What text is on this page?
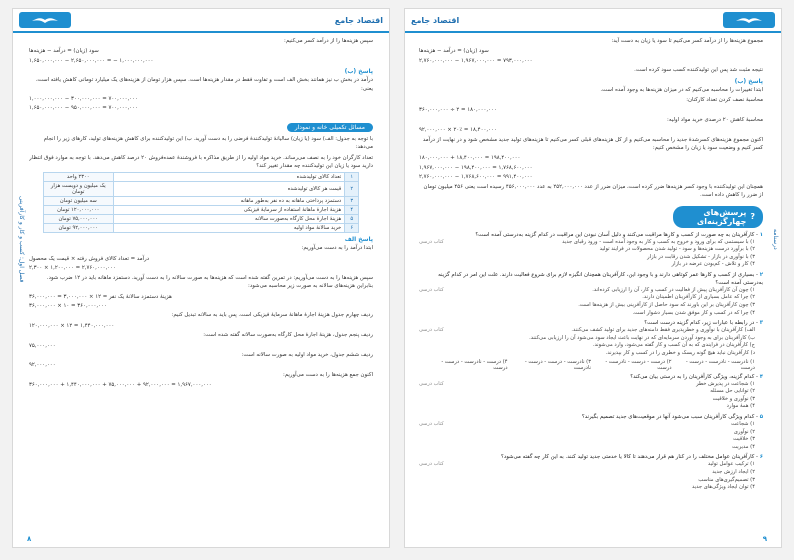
اقتصاد جامع
فصل اول: کسب و کار و کارآفرینی
سپس هزینه‌ها را از درآمد کسر می‌کنیم:
سود (زیان) = درآمد − هزینه‌ها
۱,۶۵۰,۰۰۰,۰۰۰ − ۲,۶۵۰,۰۰۰,۰۰۰ = − ۱,۰۰۰,۰۰۰,۰۰۰
پاسخ (ب)
درآمد در بخش ب نیز همانند بخش الف است و تفاوت فقط در مقدار هزینه‌ها است. سپس هزار تومان از هزینه‌های یک میلیارد تومانی کاهش یافته است، یعنی:
۱,۰۰۰,۰۰۰,۰۰۰ − ۳۰۰,۰۰۰,۰۰۰ = ۷۰۰,۰۰۰,۰۰۰
۱,۶۵۰,۰۰۰,۰۰۰ − ۹۵۰,۰۰۰,۰۰۰ = ۷۰۰,۰۰۰,۰۰۰
مسائل تکمیلی خانه و نمودار
با توجه به جدول: الف) سود (یا زیان) سالیانهٔ تولیدکنندهٔ فرضی را به دست آورید. ب) این تولیدکننده برای کاهش هزینه‌های تولید، کارهای زیر را انجام می‌دهد:
تعداد کارگران خود را به نصف می‌رساند. خرید مواد اولیه را از طریق مذاکره با فروشندهٔ عمده‌فروش ۲۰ درصد کاهش می‌دهد. با توجه به موارد فوق انتظار دارید سود یا زیان این تولیدکننده چه مقدار تغییر کند؟
۱	تعداد کالای تولیدشده	۲۳۰۰ واحد
۲	قیمت هر کالای تولیدشده	یک میلیون و دویست هزار تومان
۳	دستمزد پرداختی ماهانه به ده نفر به‌طور ماهانه	سه میلیون تومان
۴	هزینهٔ اجارهٔ ماهانهٔ استفاده از سرمایهٔ فیزیکی	۱۲۰,۰۰۰,۰۰۰ تومان
۵	هزینهٔ اجارهٔ محل کارگاه به‌صورت سالانه	۷۵,۰۰۰,۰۰۰ تومان
۶	خرید سالانهٔ مواد اولیه	۹۲,۰۰۰,۰۰۰ تومان
پاسخ الف
ابتدا درآمد را به دست می‌آوریم:
درآمد = تعداد کالای فروش رفته × قیمت یک محصول
۲,۳۰۰ × ۱,۲۰۰,۰۰۰ = ۲,۷۶۰,۰۰۰,۰۰۰
سپس هزینه‌ها را به دست می‌آوریم: در تمرین گفته شده است که هزینه‌ها به صورت سالانه را به دست آورید. دستمزد ماهانه باید در ۱۲ ضرب شود. بنابراین هزینه‌های سالانه به صورت زیر محاسبه می‌شود:
هزینهٔ دستمزد سالانهٔ یک نفر = ۱۲ × ۳,۰۰۰,۰۰۰ = ۳۶,۰۰۰,۰۰۰
۳۶,۰۰۰,۰۰۰ × ۱۰ = ۳۶۰,۰۰۰,۰۰۰
ردیف چهارم جدول هزینهٔ اجارهٔ ماهانهٔ سرمایهٔ فیزیکی است. پس باید به سالانه تبدیل کنیم:
۱۲۰,۰۰۰,۰۰۰ × ۱۲ = ۱,۴۴۰,۰۰۰,۰۰۰
ردیف پنجم جدول، هزینهٔ اجارهٔ محل کارگاه به‌صورت سالانه گفته شده است:
۷۵,۰۰۰,۰۰۰
ردیف ششم جدول، خرید مواد اولیه به صورت سالانه است:
۹۲,۰۰۰,۰۰۰
اکنون جمع هزینه‌ها را به دست می‌آوریم:
۳۶۰,۰۰۰,۰۰۰ + ۱,۴۴۰,۰۰۰,۰۰۰ + ۷۵,۰۰۰,۰۰۰ + ۹۲,۰۰۰,۰۰۰ = ۱,۹۶۷,۰۰۰,۰۰۰
۸
اقتصاد جامع
درسنامه
مجموع هزینه‌ها را از درآمد کسر می‌کنیم تا سود یا زیان به دست آید:
سود (زیان) = درآمد − هزینه‌ها
۲,۷۶۰,۰۰۰,۰۰۰ − ۱,۹۶۷,۰۰۰,۰۰۰ = ۷۹۳,۰۰۰,۰۰۰
نتیجه مثبت شد پس این تولیدکننده کسب سود کرده است.
پاسخ (ب)
ابتدا تغییرات را محاسبه می‌کنیم که در میزان هزینه‌ها به وجود آمده است.
محاسبهٔ نصف کردن تعداد کارکنان:
۳۶۰,۰۰۰,۰۰۰ ÷ ۲ = ۱۸۰,۰۰۰,۰۰۰
محاسبهٔ کاهش ۲۰ درصدی خرید مواد اولیه:
۹۲,۰۰۰,۰۰۰ × ۲۰٪ = ۱۸,۴۰۰,۰۰۰
اکنون مجموع هزینه‌های کسرشدهٔ جدید را محاسبه می‌کنیم و از کل هزینه‌های قبلی کسر می‌کنیم تا هزینه‌های تولید جدید مشخص شود و در نهایت از درآمد کسر کنیم و وضعیت سود یا زیان را مشخص کنیم:
۱۸۰,۰۰۰,۰۰۰ + ۱۸,۴۰۰,۰۰۰ = ۱۹۸,۴۰۰,۰۰۰
۱,۹۶۷,۰۰۰,۰۰۰ − ۱۹۸,۴۰۰,۰۰۰ = ۱,۷۶۸,۶۰۰,۰۰۰
۲,۷۶۰,۰۰۰,۰۰۰ − ۱,۷۶۸,۶۰۰,۰۰۰ = ۹۹۱,۴۰۰,۰۰۰
همچنان این تولیدکننده با وجود کسر هزینه‌ها ضرر کرده است، میزان ضرر از عدد ۲۵۲,۰۰۰,۰۰۰ به عدد ۴۵۶,۰۰۰,۰۰۰ رسیده است یعنی ۴۵۶ میلیون تومان از ضرر را کاهش داده است.
?
پرسش‌های چهارگزینه‌ای
۱ - کارآفرینان به چه صورت از کسب و کارها مراقبت می‌کنند و دلیل آسان نبودن این مراقبت در کدام گزینه به‌درستی آمده است؟
کتاب درسی	۱) با سیستمی که برای ورود و خروج به کسب و کار به وجود آمده است - ورود رقبای جدید
۲) با برآورد درست هزینه‌ها و سود - تولید شدن محصولات در فرایند تولید
۳) با نوآوری در بازار - تشکیل شدن رقابت در بازار
۴) کار و تلاش - کم‌بودن عرضه در بازار
۲ - بسیاری از کسب و کارها عمر کوتاهی دارند و با وجود این، کارآفرینان همچنان انگیزه لازم برای شروع فعالیت دارند. علت این امر در کدام گزینه به‌درستی آمده است؟
کتاب درسی	۱) چون آن کارآفرینان پیش از فعالیت در کسب و کار، آن را ارزیابی کرده‌اند.
۲) چرا که عامل بسیاری از کارآفرینان اطمینان دارند.
۳) چون کارآفرینان بر این باورند که سود حاصل از کارآفرینی بیش از هزینه‌ها است.
۴) چرا که در کسب و کار موفق شدن بسیار دشوار است.
۳ - در رابطه با عبارات زیر، کدام گزینه درست است؟
کتاب درسی	الف) کارآفرینان با نوآوری و خطرپذیری فقط دامنه‌های جدید برای تولید کشف می‌کنند.
ب) کارآفرینان برای به وجود آوردن سرمایه‌ای که در نهایت باعث ایجاد سود می‌شود آن را ارزیابی می‌کنند.
ج) کارآفرینان در فرایندی که به آن کسب و کار گفته می‌شود، وارد می‌شوند.
د) کارآفرینان نباید هیچ گونه ریسک و خطری را در کسب و کار بپذیرند.
۱) نادرست - نادرست - درست - درست
۲) درست - درست - نادرست - درست
۳) نادرست - درست - درست - نادرست
۴) درست - نادرست - درست - درست
۴ - کدام گزینه، ویژگی کارآفرینان را به درستی بیان می‌کند؟
کتاب درسی	۱) شجاعت در پذیرش خطر
۲) توانایی حل مسئله
۳) نوآوری و خلاقیت
۴) همهٔ موارد
۵ - کدام ویژگی کارآفرینان سبب می‌شود آنها در موقعیت‌های جدید تصمیم بگیرند؟
کتاب درسی	۱) شجاعت
۲) نوآوری
۳) خلاقیت
۴) مدیریت
۶ - کارآفرینان عوامل مختلف را در کنار هم قرار می‌دهند تا کالا یا خدمتی جدید تولید کنند. به این کار چه گفته می‌شود؟
کتاب درسی	۱) ترکیب عوامل تولید
۲) ایجاد ارزش جدید
۳) تصمیم‌گیری‌های مناسب
۴) توان ایجاد ویژگی‌های جدید
۹
